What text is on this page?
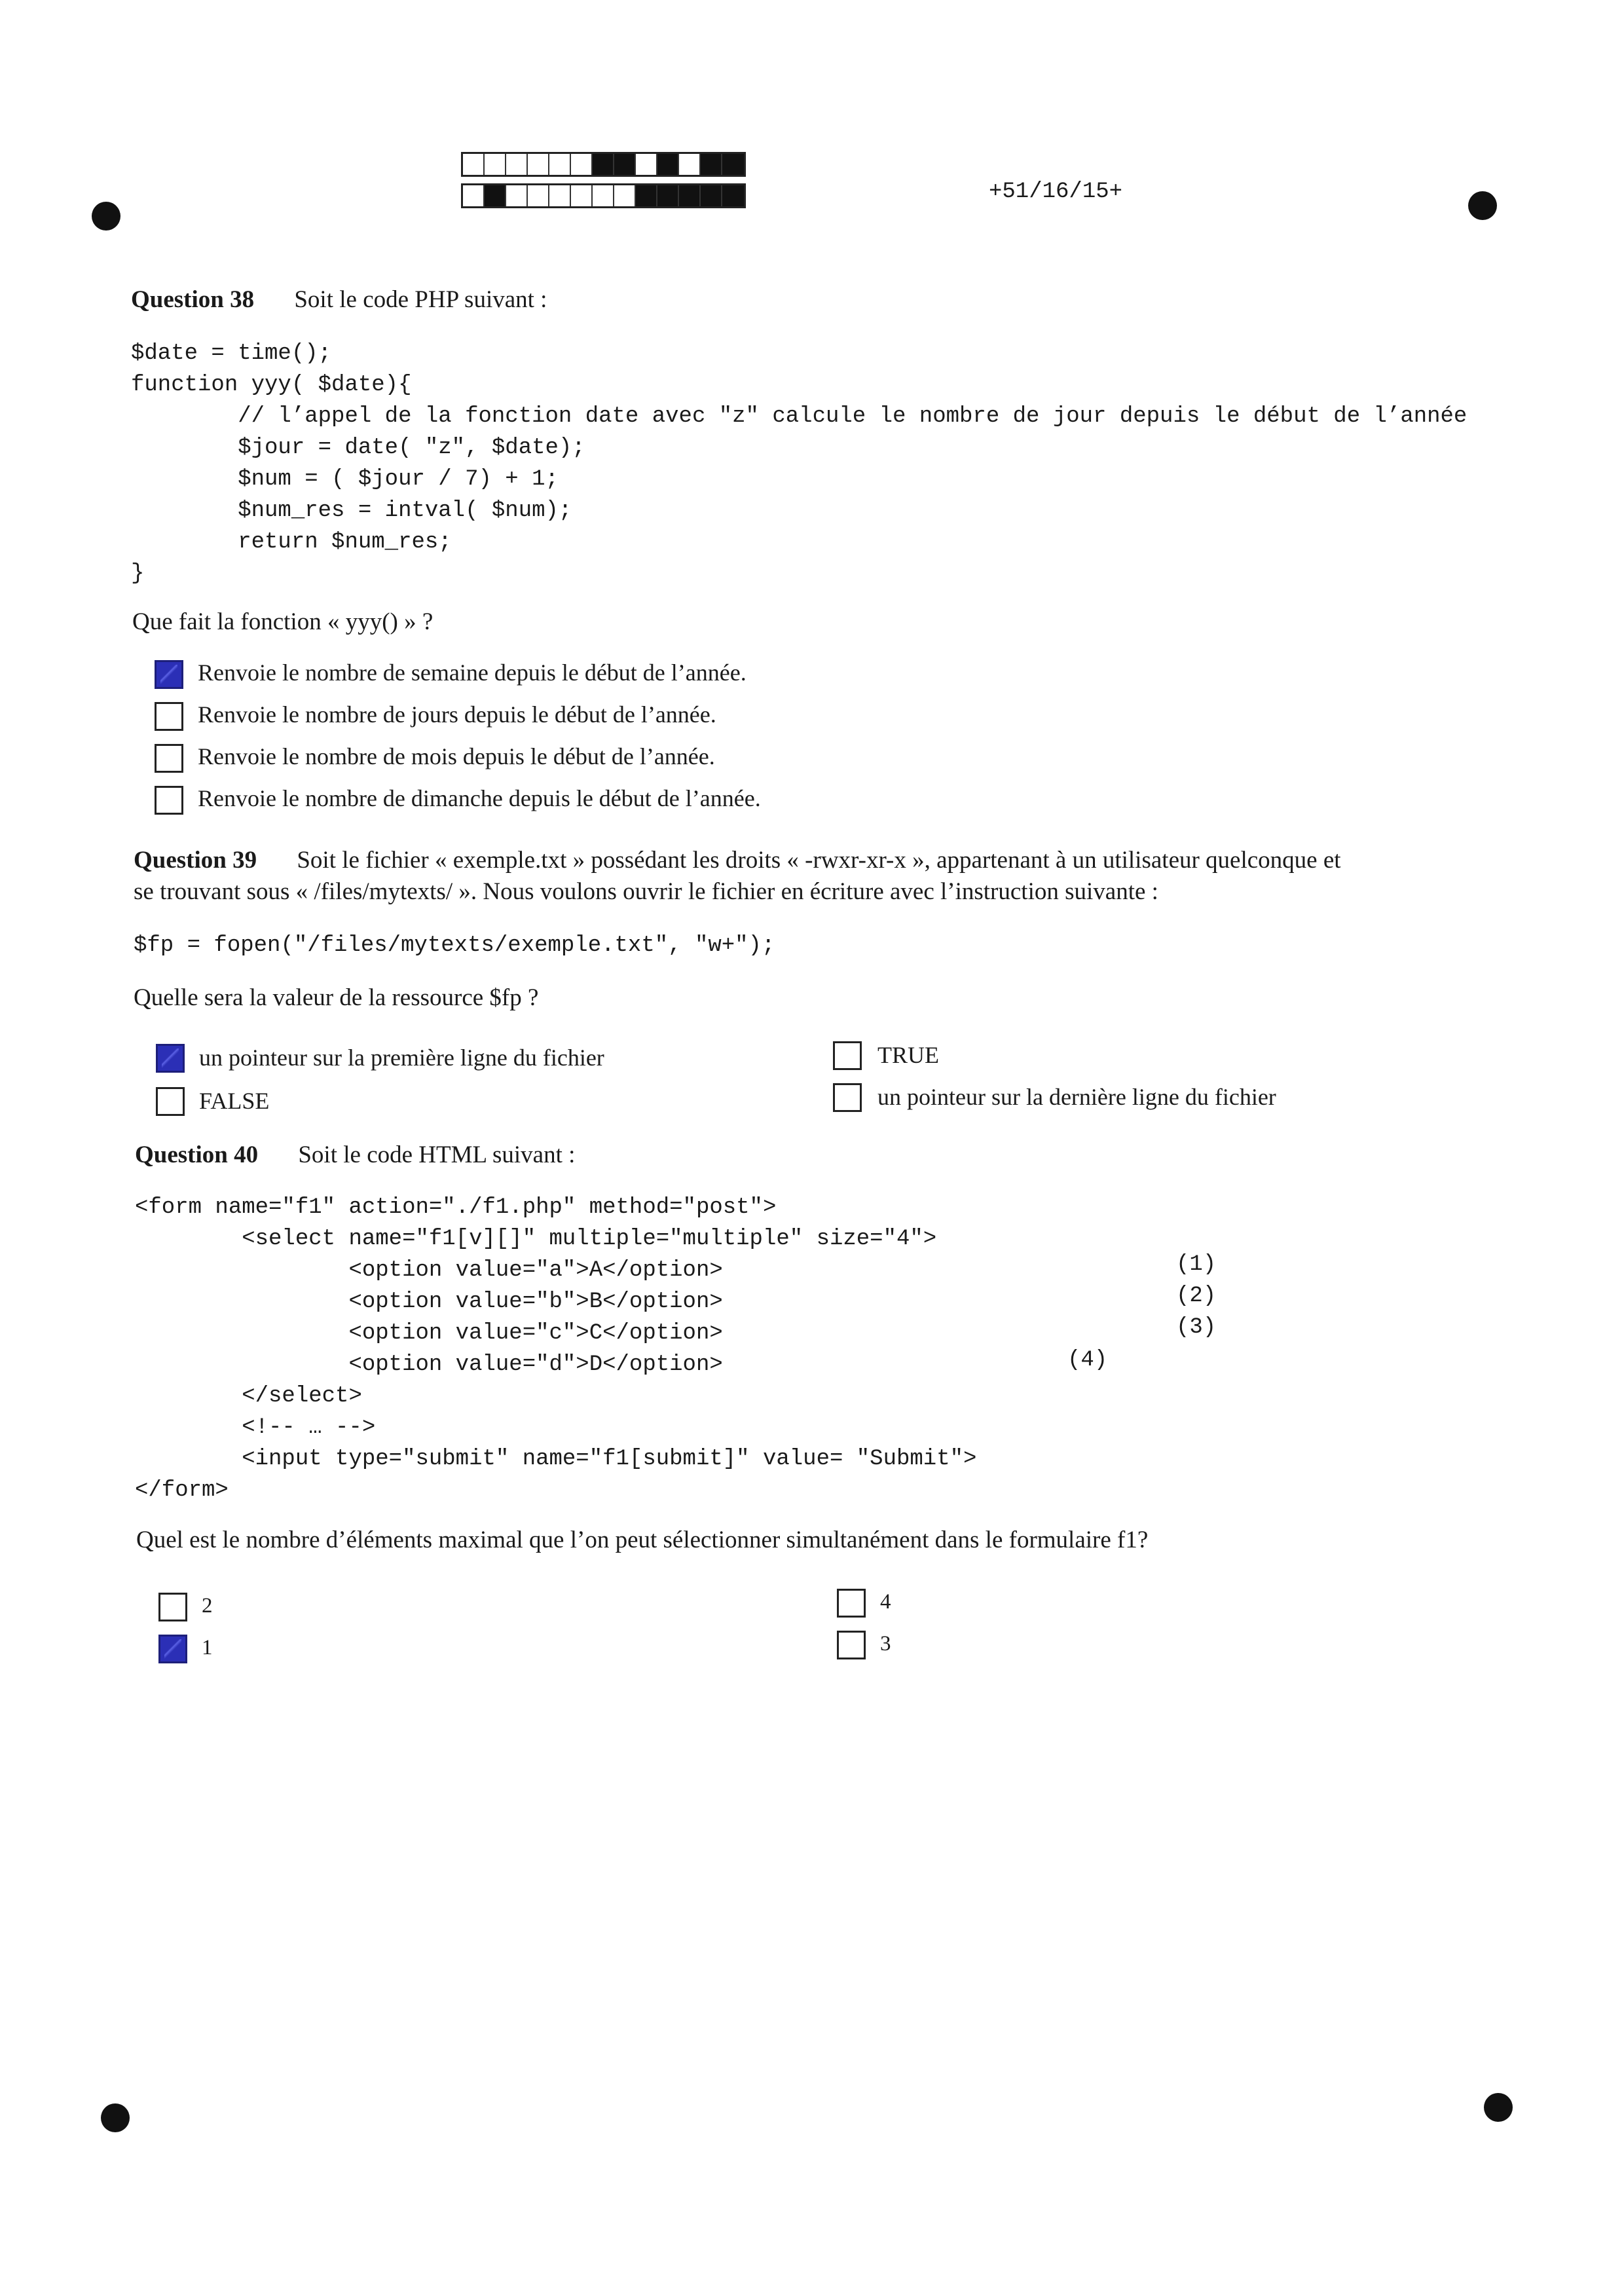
+51/16/15+
Question 38 Soit le code PHP suivant :
$date = time();
function yyy( $date){
// l’appel de la fonction date avec "z" calcule le nombre de jour depuis le début de l’année
$jour = date( "z", $date);
$num = ( $jour / 7) + 1;
$num_res = intval( $num);
return $num_res;
}
Que fait la fonction « yyy() » ?
Renvoie le nombre de semaine depuis le début de l’année.
Renvoie le nombre de jours depuis le début de l’année.
Renvoie le nombre de mois depuis le début de l’année.
Renvoie le nombre de dimanche depuis le début de l’année.
Question 39 Soit le fichier « exemple.txt » possédant les droits « -rwxr-xr-x », appartenant à un utilisateur quelconque et
se trouvant sous « /files/mytexts/ ». Nous voulons ouvrir le fichier en écriture avec l’instruction suivante :
$fp = fopen("/files/mytexts/exemple.txt", "w+");
Quelle sera la valeur de la ressource $fp ?
un pointeur sur la première ligne du fichier
FALSE
TRUE
un pointeur sur la dernière ligne du fichier
Question 40 Soit le code HTML suivant :
<form name="f1" action="./f1.php" method="post">
<select name="f1[v][]" multiple="multiple" size="4">
<option value="a">A</option>
<option value="b">B</option>
<option value="c">C</option>
<option value="d">D</option>
</select>
<!-- … -->
<input type="submit" name="f1[submit]" value= "Submit">
</form>
(1)
(2)
(3)
(4)
Quel est le nombre d’éléments maximal que l’on peut sélectionner simultanément dans le formulaire f1?
2
1
4
3
